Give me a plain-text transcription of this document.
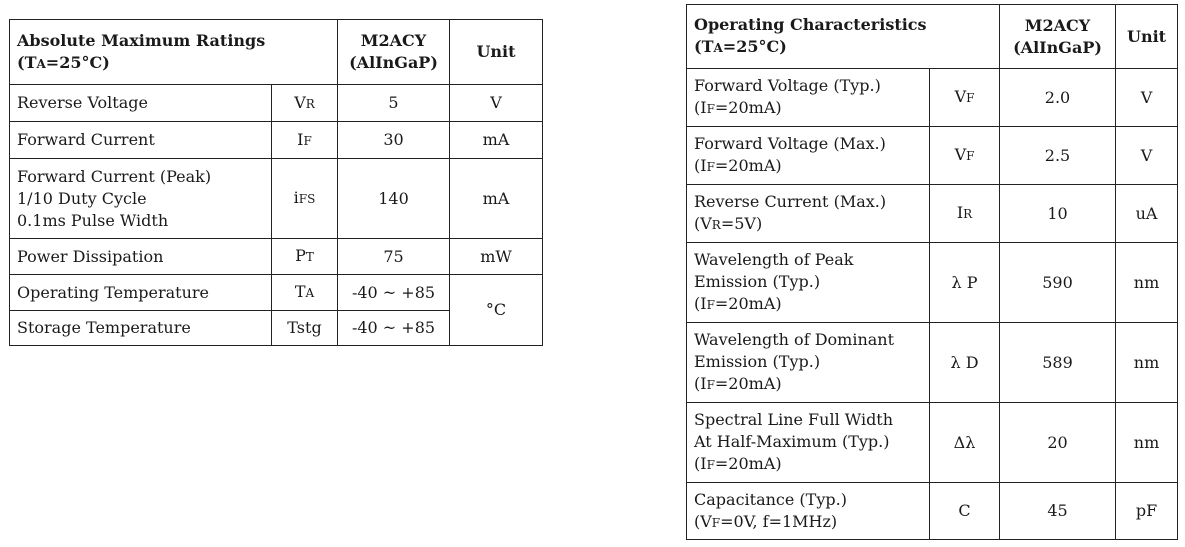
Absolute Maximum Ratings
(TA=25°C)		M2ACY
(AlInGaP)	Unit
Reverse Voltage	VR	5	V
Forward Current	IF	30	mA

Forward Current (Peak)
1/10 Duty Cycle
0.1ms Pulse Width	iFS	140	mA
Power Dissipation	PT	75	mW
Operating Temperature	TA	-40 ~ +85	°C
Storage Temperature	Tstg	-40 ~ +85	
Operating Characteristics
(TA=25°C)		M2ACY
(AlInGaP)	Unit

Forward Voltage (Typ.)
(IF=20mA)	VF	2.0	V

Forward Voltage (Max.)
(IF=20mA)	VF	2.5	V

Reverse Current (Max.)
(VR=5V)	IR	10	uA

Wavelength of Peak
Emission (Typ.)
(IF=20mA)	λ P	590	nm

Wavelength of Dominant
Emission (Typ.)
(IF=20mA)	λ D	589	nm

Spectral Line Full Width
At Half-Maximum (Typ.)
(IF=20mA)	Δλ	20	nm

Capacitance (Typ.)
(VF=0V, f=1MHz)	C	45	pF
